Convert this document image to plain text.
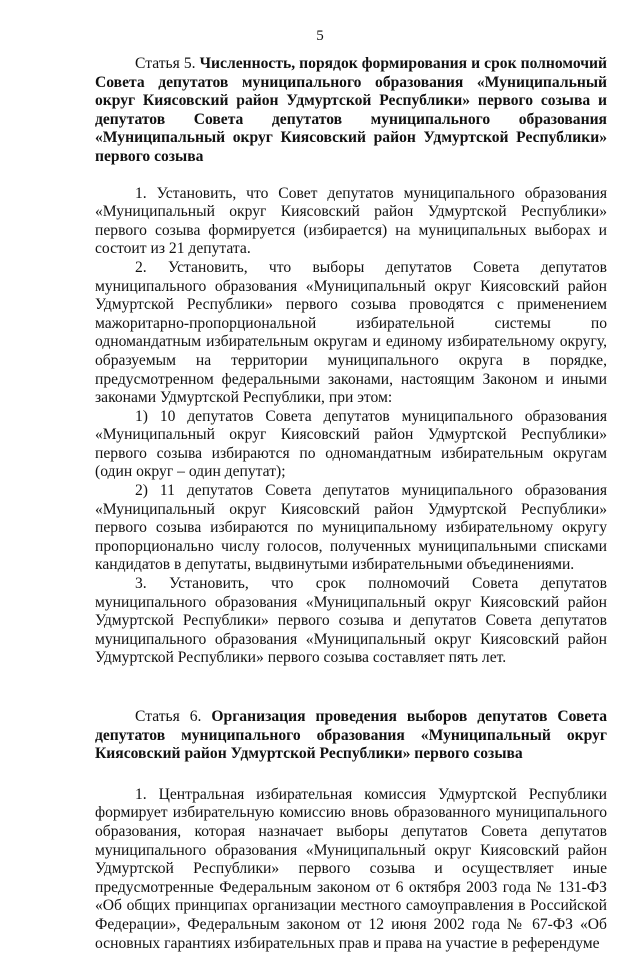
5

Статья 5. Численность, порядок формирования и срок полномочий Совета депутатов муниципального образования «Муниципальный округ Киясовский район Удмуртской Республики» первого созыва и депутатов Совета депутатов муниципального образования «Муниципальный округ Киясовский район Удмуртской Республики» первого созыва

1. Установить, что Совет депутатов муниципального образования «Муниципальный округ Киясовский район Удмуртской Республики» первого созыва формируется (избирается) на муниципальных выборах и состоит из 21 депутата.

2. Установить, что выборы депутатов Совета депутатов муниципального образования «Муниципальный округ Киясовский район Удмуртской Республики» первого созыва проводятся с применением мажоритарно-пропорциональной избирательной системы по одномандатным избирательным округам и единому избирательному округу, образуемым на территории муниципального округа в порядке, предусмотренном федеральными законами, настоящим Законом и иными законами Удмуртской Республики, при этом:

1) 10 депутатов Совета депутатов муниципального образования «Муниципальный округ Киясовский район Удмуртской Республики» первого созыва избираются по одномандатным избирательным округам (один округ – один депутат);

2) 11 депутатов Совета депутатов муниципального образования «Муниципальный округ Киясовский район Удмуртской Республики» первого созыва избираются по муниципальному избирательному округу пропорционально числу голосов, полученных муниципальными списками кандидатов в депутаты, выдвинутыми избирательными объединениями.

3. Установить, что срок полномочий Совета депутатов муниципального образования «Муниципальный округ Киясовский район Удмуртской Республики» первого созыва и депутатов Совета депутатов муниципального образования «Муниципальный округ Киясовский район Удмуртской Республики» первого созыва составляет пять лет.

Статья 6. Организация проведения выборов депутатов Совета депутатов муниципального образования «Муниципальный округ Киясовский район Удмуртской Республики» первого созыва

1. Центральная избирательная комиссия Удмуртской Республики формирует избирательную комиссию вновь образованного муниципального образования, которая назначает выборы депутатов Совета депутатов муниципального образования «Муниципальный округ Киясовский район Удмуртской Республики» первого созыва и осуществляет иные предусмотренные Федеральным законом от 6 октября 2003 года № 131-ФЗ «Об общих принципах организации местного самоуправления в Российской Федерации», Федеральным законом от 12 июня 2002 года № 67-ФЗ «Об основных гарантиях избирательных прав и права на участие в референдуме
